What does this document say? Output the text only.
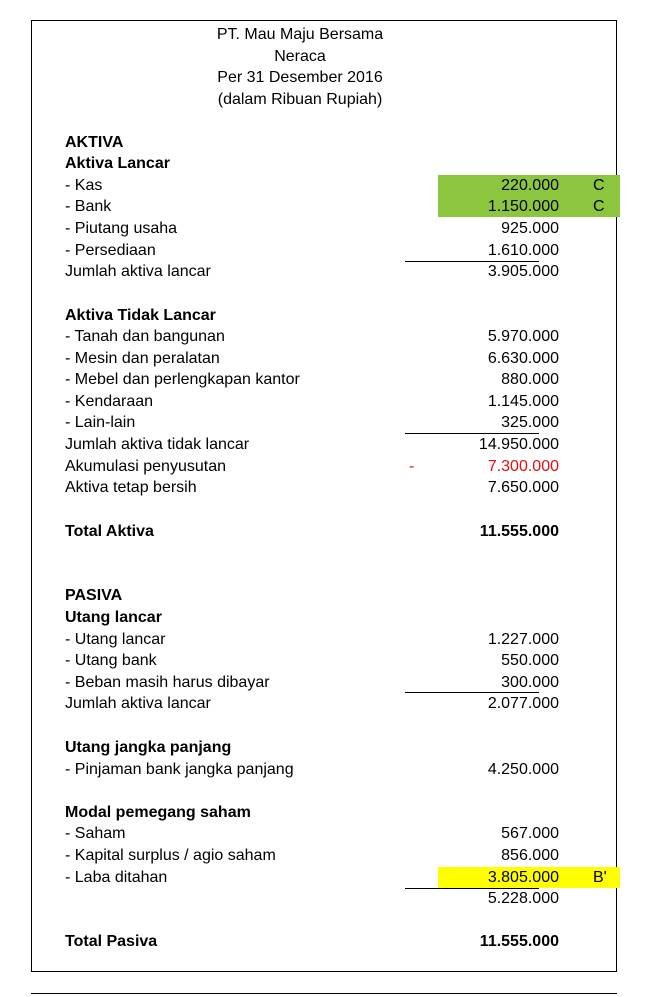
PT. Mau Maju Bersama
Neraca
Per 31 Desember 2016
(dalam Ribuan Rupiah)
AKTIVA
Aktiva Lancar
- Kas	220.000	C
- Bank	1.150.000	C
- Piutang usaha	925.000
- Persediaan	1.610.000
Jumlah aktiva lancar	3.905.000
Aktiva Tidak Lancar
- Tanah dan bangunan	5.970.000
- Mesin dan peralatan	6.630.000
- Mebel dan perlengkapan kantor	880.000
- Kendaraan	1.145.000
- Lain-lain	325.000
Jumlah aktiva tidak lancar	14.950.000
Akumulasi penyusutan	-	7.300.000
Aktiva tetap bersih	7.650.000
Total Aktiva	11.555.000
PASIVA
Utang lancar
- Utang lancar	1.227.000
- Utang bank	550.000
- Beban masih harus dibayar	300.000
Jumlah aktiva lancar	2.077.000
Utang jangka panjang
- Pinjaman bank jangka panjang	4.250.000
Modal pemegang saham
- Saham	567.000
- Kapital surplus / agio saham	856.000
- Laba ditahan	3.805.000	B'
5.228.000
Total Pasiva	11.555.000
